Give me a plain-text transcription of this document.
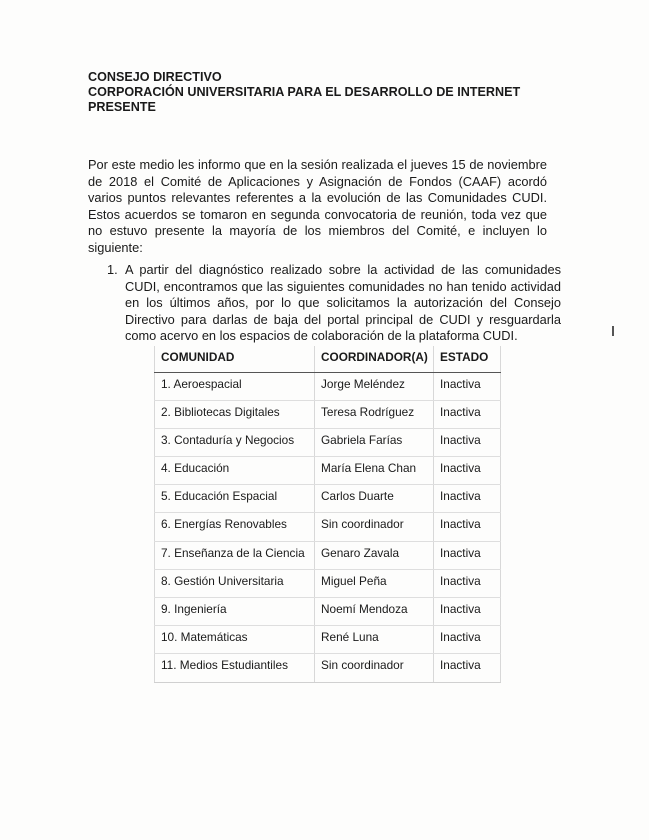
CONSEJO DIRECTIVO
CORPORACIÓN UNIVERSITARIA PARA EL DESARROLLO DE INTERNET
PRESENTE
Por este medio les informo que en la sesión realizada el jueves 15 de noviembre de 2018 el Comité de Aplicaciones y Asignación de Fondos (CAAF) acordó varios puntos relevantes referentes a la evolución de las Comunidades CUDI. Estos acuerdos se tomaron en segunda convocatoria de reunión, toda vez que no estuvo presente la mayoría de los miembros del Comité, e incluyen lo siguiente:
1. A partir del diagnóstico realizado sobre la actividad de las comunidades CUDI, encontramos que las siguientes comunidades no han tenido actividad en los últimos años, por lo que solicitamos la autorización del Consejo Directivo para darlas de baja del portal principal de CUDI y resguardarla como acervo en los espacios de colaboración de la plataforma CUDI.
COMUNIDAD	COORDINADOR(A)	ESTADO
1. Aeroespacial	Jorge Meléndez	Inactiva
2. Bibliotecas Digitales	Teresa Rodríguez	Inactiva
3. Contaduría y Negocios	Gabriela Farías	Inactiva
4. Educación	María Elena Chan	Inactiva
5. Educación Espacial	Carlos Duarte	Inactiva
6. Energías Renovables	Sin coordinador	Inactiva
7. Enseñanza de la Ciencia	Genaro Zavala	Inactiva
8. Gestión Universitaria	Miguel Peña	Inactiva
9. Ingeniería	Noemí Mendoza	Inactiva
10. Matemáticas	René Luna	Inactiva
11. Medios Estudiantiles	Sin coordinador	Inactiva
